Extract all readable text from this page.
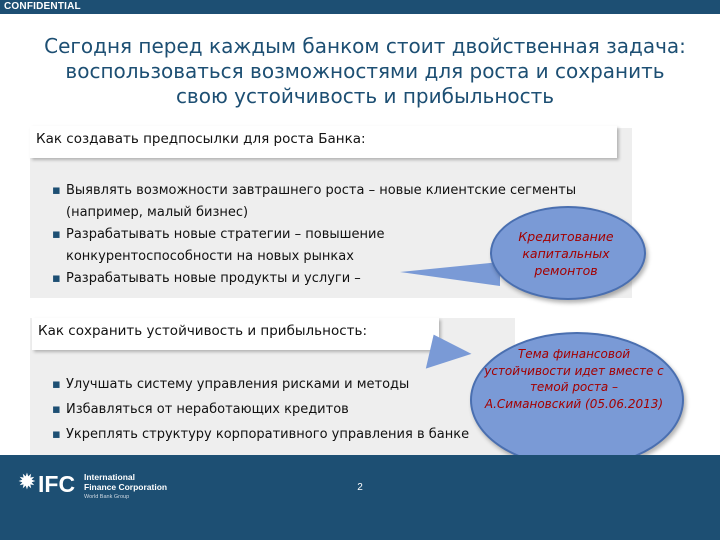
CONFIDENTIAL
Сегодня перед каждым банком стоит двойственная задача: воспользоваться возможностями для роста и сохранить свою устойчивость и прибыльность
Как создавать предпосылки для роста Банка:
▪ Выявлять возможности завтрашнего роста – новые клиентские сегменты (например, малый бизнес)
▪ Разрабатывать новые стратегии – повышение конкурентоспособности на новых рынках
▪ Разрабатывать новые продукты и услуги –
Как сохранить устойчивость и прибыльность:
▪ Улучшать систему управления рисками и методы
▪ Избавляться от неработающих кредитов
▪ Укреплять структуру корпоративного управления в банке
Кредитование капитальных ремонтов
Тема финансовой устойчивости идет вместе с темой роста – А.Симановский (05.06.2013)
✹ IFC International
Finance Corporation
World Bank Group
2
